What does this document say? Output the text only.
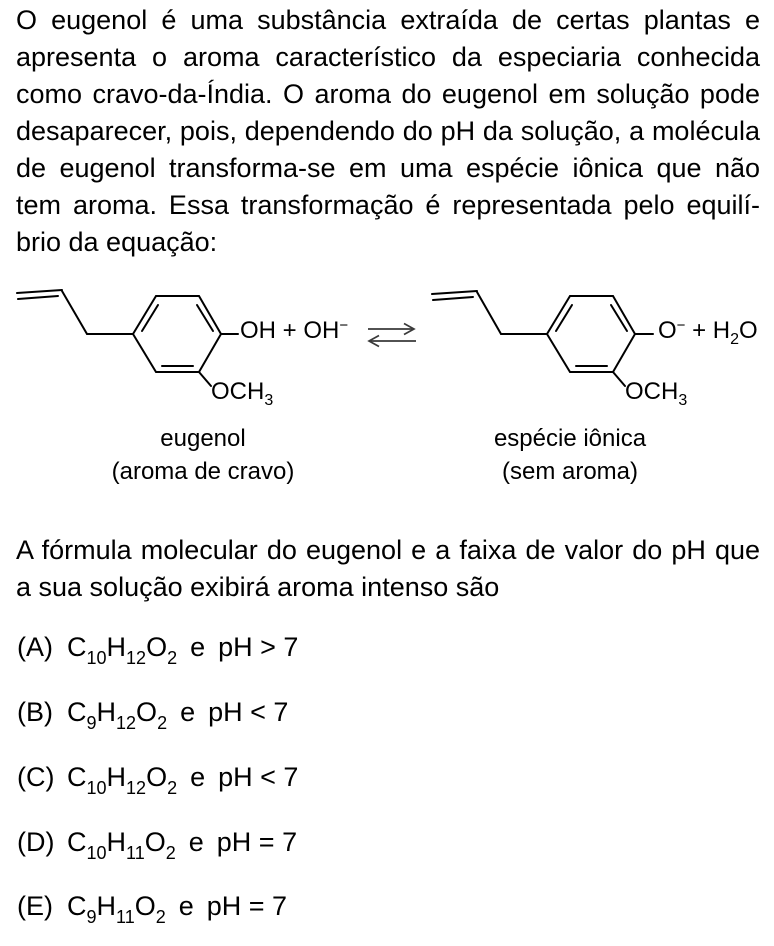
O eugenol é uma substância extraída de certas plantas e
apresenta o aroma característico da especiaria conhecida
como cravo-da-Índia. O aroma do eugenol em solução pode
desaparecer, pois, dependendo do pH da solução, a molécula
de eugenol transforma-se em uma espécie iônica que não
tem aroma. Essa transformação é representada pelo equilí-
brio da equação:
OH + OH−
$OCH_3$
$O^- + H_2O$
$OCH_3$
eugenol
(aroma de cravo)
espécie iônica
(sem aroma)
A fórmula molecular do eugenol e a faixa de valor do pH que
a sua solução exibirá aroma intenso são
(A) $C_{10}H_{12}O_2$ e pH > 7
(B) $C_9H_{12}O_2$ e pH < 7
(C) $C_{10}H_{12}O_2$ e pH < 7
(D) $C_{10}H_{11}O_2$ e pH = 7
(E) $C_9H_{11}O_2$ e pH = 7
